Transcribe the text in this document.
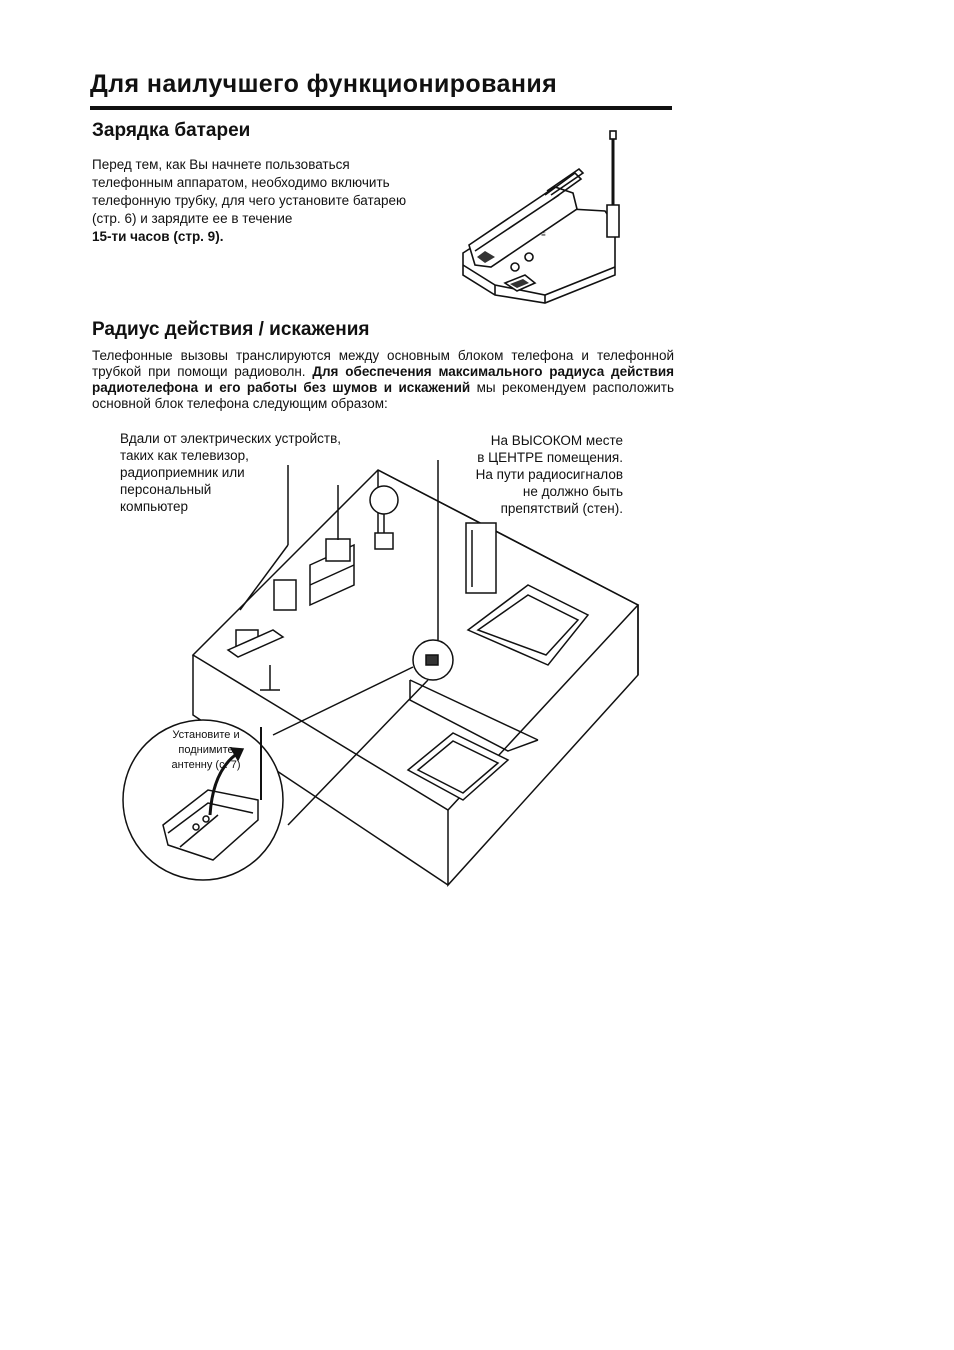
Для наилучшего функционирования
Зарядка батареи
Перед тем, как Вы начнете пользоваться
телефонным аппаратом, необходимо включить
телефонную трубку, для чего установите батарею
(стр. 6) и зарядите ее в течение
15-ти часов (стр. 9).	≡
Радиус действия / искажения
Телефонные вызовы транслируются между основным блоком телефона и телефонной трубкой при помощи радиоволн. Для обеспечения максимального радиуса действия радиотелефона и его работы без шумов и искажений мы рекомендуем расположить основной блок телефона следующим образом:
Вдали от электрических устройств,
таких как телевизор,
радиоприемник или
персональный
компьютер
На ВЫСОКОМ месте
в ЦЕНТРЕ помещения.
На пути радиосигналов
не должно быть
препятствий (стен).
Установите и
поднимите
антенну (с. 7)
